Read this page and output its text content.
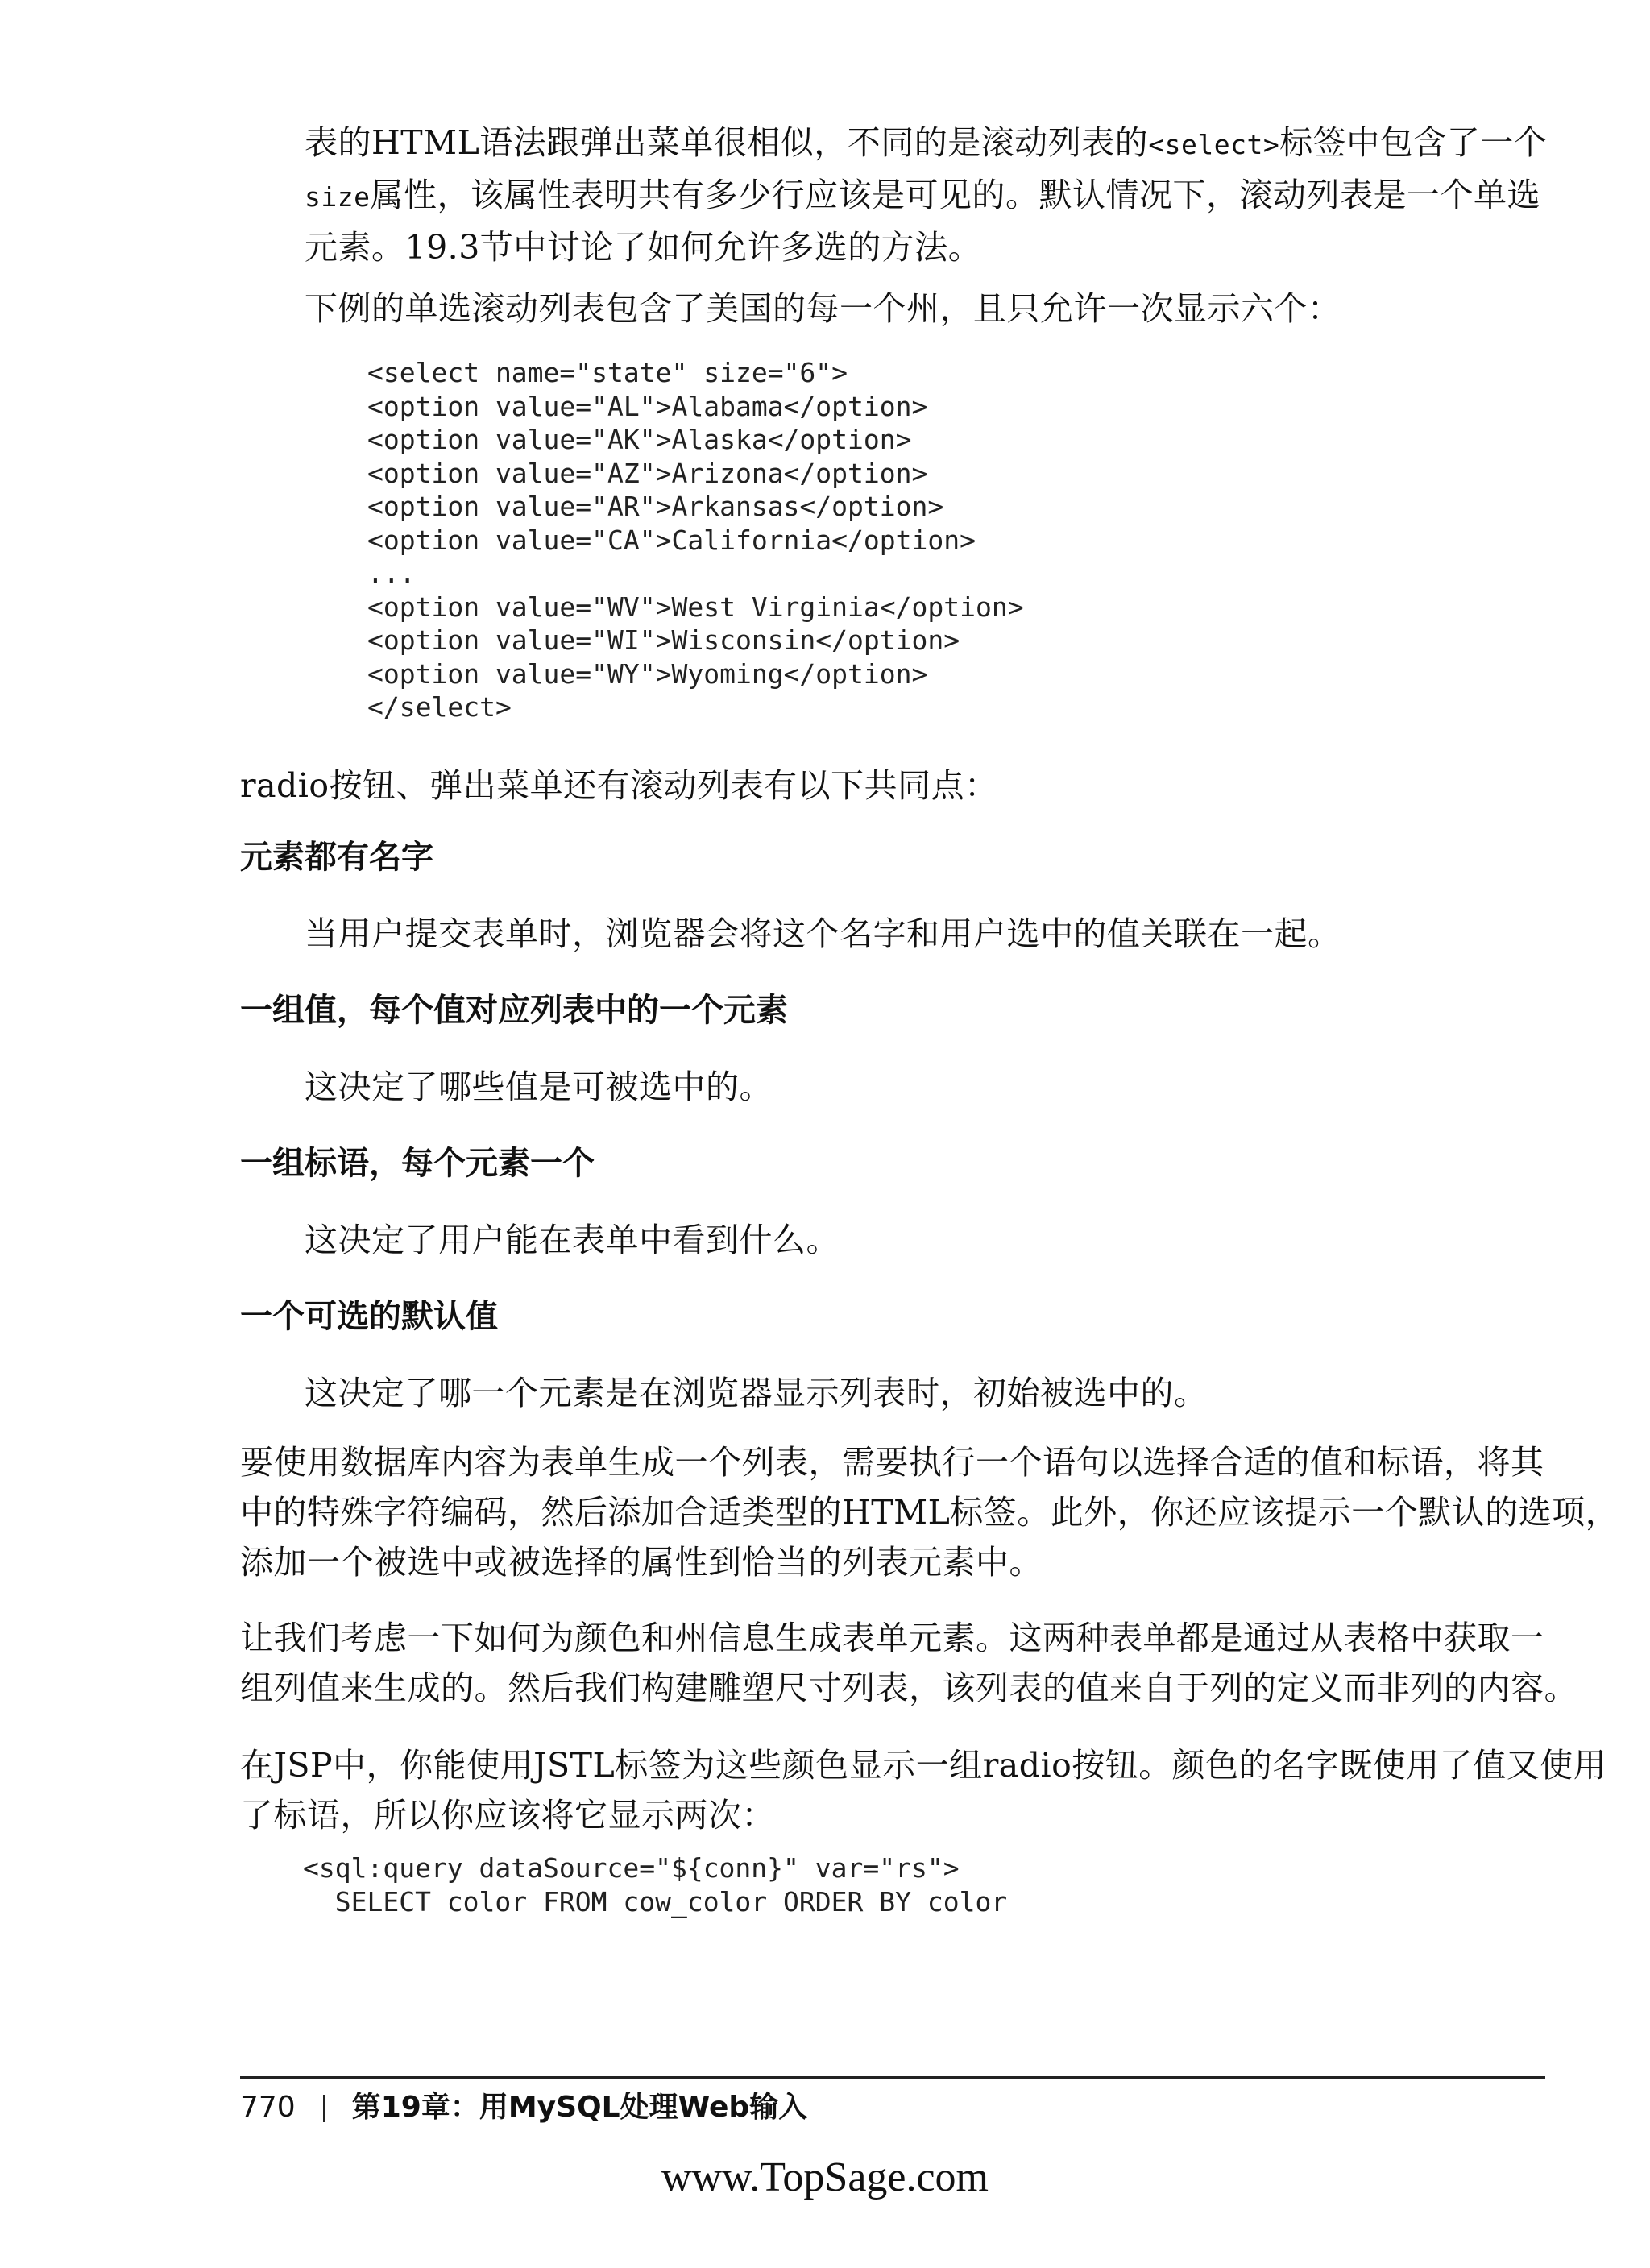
表的HTML语法跟弹出菜单很相似，不同的是滚动列表的<select>标签中包含了一个
size属性，该属性表明共有多少行应该是可见的。默认情况下，滚动列表是一个单选
元素。19.3节中讨论了如何允许多选的方法。

下例的单选滚动列表包含了美国的每一个州，且只允许一次显示六个：

<select name="state" size="6">
<option value="AL">Alabama</option>
<option value="AK">Alaska</option>
<option value="AZ">Arizona</option>
<option value="AR">Arkansas</option>
<option value="CA">California</option>
...
<option value="WV">West Virginia</option>
<option value="WI">Wisconsin</option>
<option value="WY">Wyoming</option>
</select>

radio按钮、弹出菜单还有滚动列表有以下共同点：

元素都有名字

当用户提交表单时，浏览器会将这个名字和用户选中的值关联在一起。

一组值，每个值对应列表中的一个元素

这决定了哪些值是可被选中的。

一组标语，每个元素一个

这决定了用户能在表单中看到什么。

一个可选的默认值

这决定了哪一个元素是在浏览器显示列表时，初始被选中的。

要使用数据库内容为表单生成一个列表，需要执行一个语句以选择合适的值和标语，将其
中的特殊字符编码，然后添加合适类型的HTML标签。此外，你还应该提示一个默认的选项，
添加一个被选中或被选择的属性到恰当的列表元素中。

让我们考虑一下如何为颜色和州信息生成表单元素。这两种表单都是通过从表格中获取一
组列值来生成的。然后我们构建雕塑尺寸列表，该列表的值来自于列的定义而非列的内容。

在JSP中，你能使用JSTL标签为这些颜色显示一组radio按钮。颜色的名字既使用了值又使用
了标语，所以你应该将它显示两次：

<sql:query dataSource="${conn}" var="rs">
SELECT color FROM cow_color ORDER BY color
770 第19章：用MySQL处理Web输入
www.TopSage.com
